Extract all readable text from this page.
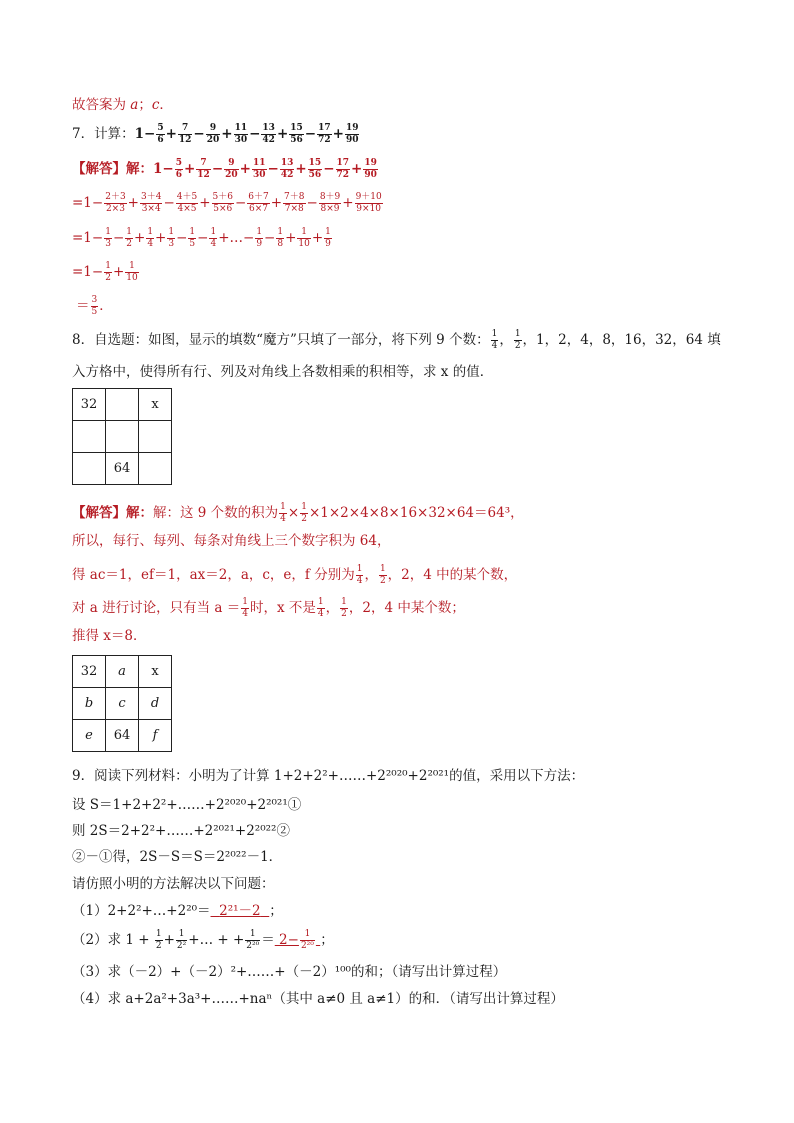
故答案为 a；c．
7．计算：$1- \frac{5}{6} + \frac{7}{12} - \frac{9}{20} + \frac{11}{30} - \frac{13}{42} + \frac{15}{56} - \frac{17}{72} + \frac{19}{90}$
【解答】解：$1- \frac{5}{6} + \frac{7}{12} - \frac{9}{20} + \frac{11}{30} - \frac{13}{42} + \frac{15}{56} - \frac{17}{72} + \frac{19}{90}$
$=1- \frac{2+3}{2\times 3} + \frac{3+4}{3\times 4} - \frac{4+5}{4\times 5} + \frac{5+6}{5\times 6} - \frac{6+7}{6\times 7} + \frac{7+8}{7\times 8} - \frac{8+9}{8\times 9} + \frac{9+10}{9\times 10}$
$=1- \frac{1}{3} - \frac{1}{2} + \frac{1}{4} + \frac{1}{3} - \frac{1}{5} - \frac{1}{4}$ +…− $\frac{1}{9} - \frac{1}{8} + \frac{1}{10} + \frac{1}{9}$
$=1- \frac{1}{2} + \frac{1}{10}$
＝ $\frac{3}{5}$ ．
8．自选题：如图，显示的填数“魔方”只填了一部分，将下列 9 个数： $\frac{1}{4}$ ， $\frac{1}{2}$ ，1，2，4，8，16，32，64 填
入方格中，使得所有行、列及对角线上各数相乘的积相等，求 x 的值．
32		x

	64	
【解答】解：解：这 9 个数的积为 $\frac{1}{4} \times \frac{1}{2} \times 1\times 2\times 4\times 8\times 16\times 32\times 64=64^3$，
所以，每行、每列、每条对角线上三个数字积为 64，
得 ac＝1，ef＝1，ax＝2，a，c，e，f 分别为 $\frac{1}{4}$ ， $\frac{1}{2}$ ，2，4 中的某个数，
对 a 进行讨论，只有当 $a = \frac{1}{4}$ 时，x 不是 $\frac{1}{4}$ ， $\frac{1}{2}$ ，2，4 中某个数；
推得 x＝8．
32	a	x
b	c	d
e	64	f
9．阅读下列材料：小明为了计算 1+2+2²+……+2²⁰²⁰+2²⁰²¹的值，采用以下方法：
设 S＝1+2+2²+……+2²⁰²⁰+2²⁰²¹①
则 2S＝2+2²+……+2²⁰²¹+2²⁰²²②
②－①得，2S－S＝S＝2²⁰²²－1．
请仿照小明的方法解决以下问题：
（1）2+2²+…+2²⁰＝ 2²¹－2 ；
（2）求 $1 + \frac{1}{2} + \frac{1}{\text{2²}}$ +… + + $\frac{1}{\text{2²⁰}} = 2- \frac{1}{\text{2²⁰}}$ ；
（3）求（－2）+（－2）²+……+（－2）¹⁰⁰的和；（请写出计算过程）
（4）求 a+2a²+3a³+……+naⁿ（其中 a≠0 且 a≠1）的和．（请写出计算过程）
